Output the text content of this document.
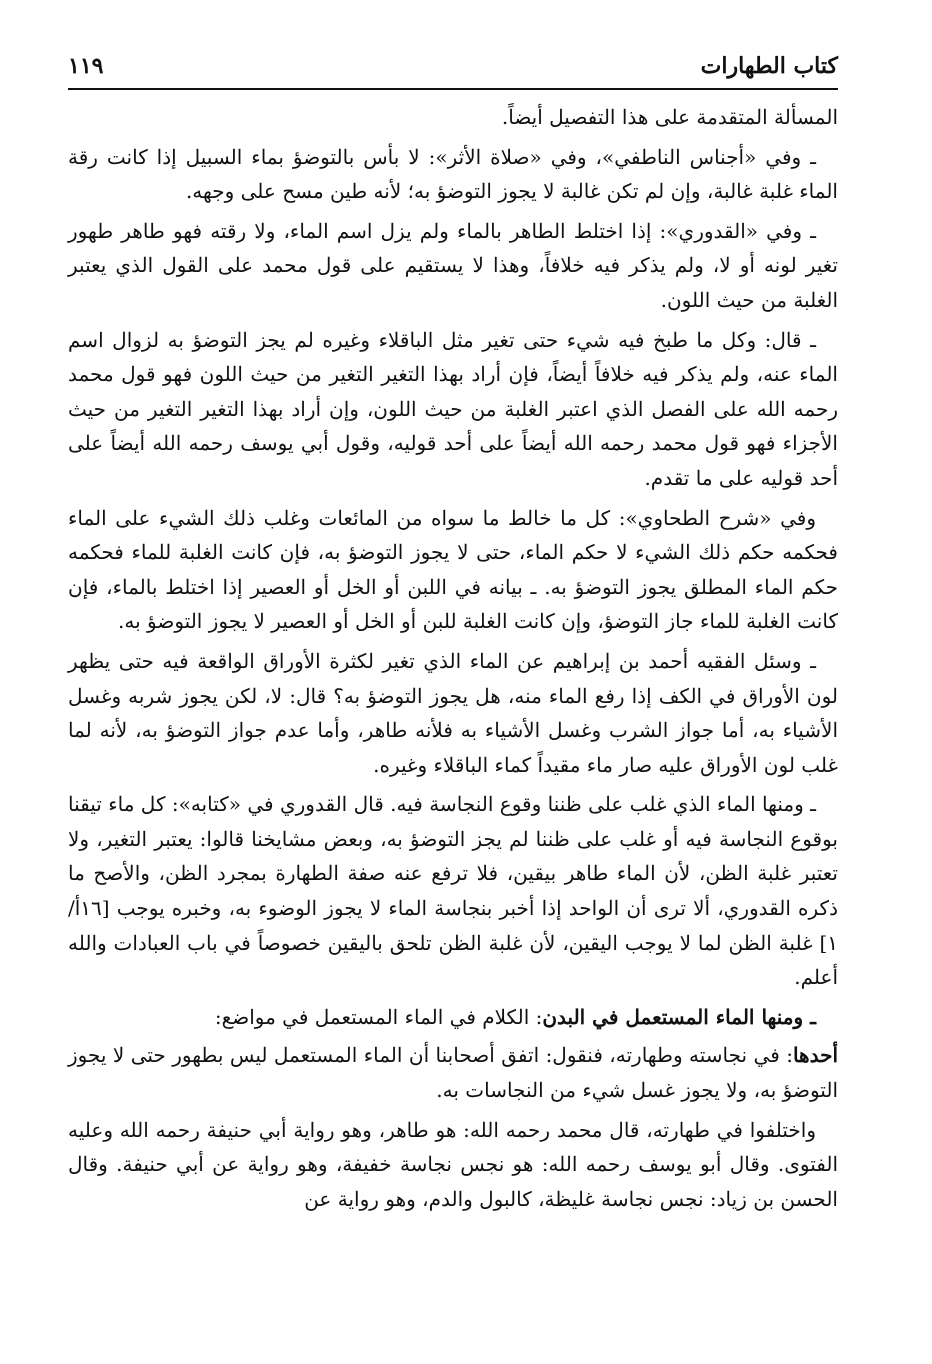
كتاب الطهارات
١١٩

المسألة المتقدمة على هذا التفصيل أيضاً.

ـ وفي «أجناس الناطفي»، وفي «صلاة الأثر»: لا بأس بالتوضؤ بماء السبيل إذا كانت رقة الماء غلبة غالبة، وإن لم تكن غالبة لا يجوز التوضؤ به؛ لأنه طين مسح على وجهه.

ـ وفي «القدوري»: إذا اختلط الطاهر بالماء ولم يزل اسم الماء، ولا رقته فهو طاهر طهور تغير لونه أو لا، ولم يذكر فيه خلافاً، وهذا لا يستقيم على قول محمد على القول الذي يعتبر الغلبة من حيث اللون.

ـ قال: وكل ما طبخ فيه شيء حتى تغير مثل الباقلاء وغيره لم يجز التوضؤ به لزوال اسم الماء عنه، ولم يذكر فيه خلافاً أيضاً، فإن أراد بهذا التغير التغير من حيث اللون فهو قول محمد رحمه الله على الفصل الذي اعتبر الغلبة من حيث اللون، وإن أراد بهذا التغير التغير من حيث الأجزاء فهو قول محمد رحمه الله أيضاً على أحد قوليه، وقول أبي يوسف رحمه الله أيضاً على أحد قوليه على ما تقدم.

وفي «شرح الطحاوي»: كل ما خالط ما سواه من المائعات وغلب ذلك الشيء على الماء فحكمه حكم ذلك الشيء لا حكم الماء، حتى لا يجوز التوضؤ به، فإن كانت الغلبة للماء فحكمه حكم الماء المطلق يجوز التوضؤ به. ـ بيانه في اللبن أو الخل أو العصير إذا اختلط بالماء، فإن كانت الغلبة للماء جاز التوضؤ، وإن كانت الغلبة للبن أو الخل أو العصير لا يجوز التوضؤ به.

ـ وسئل الفقيه أحمد بن إبراهيم عن الماء الذي تغير لكثرة الأوراق الواقعة فيه حتى يظهر لون الأوراق في الكف إذا رفع الماء منه، هل يجوز التوضؤ به؟ قال: لا، لكن يجوز شربه وغسل الأشياء به، أما جواز الشرب وغسل الأشياء به فلأنه طاهر، وأما عدم جواز التوضؤ به، لأنه لما غلب لون الأوراق عليه صار ماء مقيداً كماء الباقلاء وغيره.

ـ ومنها الماء الذي غلب على ظننا وقوع النجاسة فيه. قال القدوري في «كتابه»: كل ماء تيقنا بوقوع النجاسة فيه أو غلب على ظننا لم يجز التوضؤ به، وبعض مشايخنا قالوا: يعتبر التغير، ولا تعتبر غلبة الظن، لأن الماء طاهر بيقين، فلا ترفع عنه صفة الطهارة بمجرد الظن، والأصح ما ذكره القدوري، ألا ترى أن الواحد إذا أخبر بنجاسة الماء لا يجوز الوضوء به، وخبره يوجب [١٦أ/ ١] غلبة الظن لما لا يوجب اليقين، لأن غلبة الظن تلحق باليقين خصوصاً في باب العبادات والله أعلم.

ـ ومنها الماء المستعمل في البدن: الكلام في الماء المستعمل في مواضع:

أحدها: في نجاسته وطهارته، فنقول: اتفق أصحابنا أن الماء المستعمل ليس بطهور حتى لا يجوز التوضؤ به، ولا يجوز غسل شيء من النجاسات به.

واختلفوا في طهارته، قال محمد رحمه الله: هو طاهر، وهو رواية أبي حنيفة رحمه الله وعليه الفتوى. وقال أبو يوسف رحمه الله: هو نجس نجاسة خفيفة، وهو رواية عن أبي حنيفة. وقال الحسن بن زياد: نجس نجاسة غليظة، كالبول والدم، وهو رواية عن
